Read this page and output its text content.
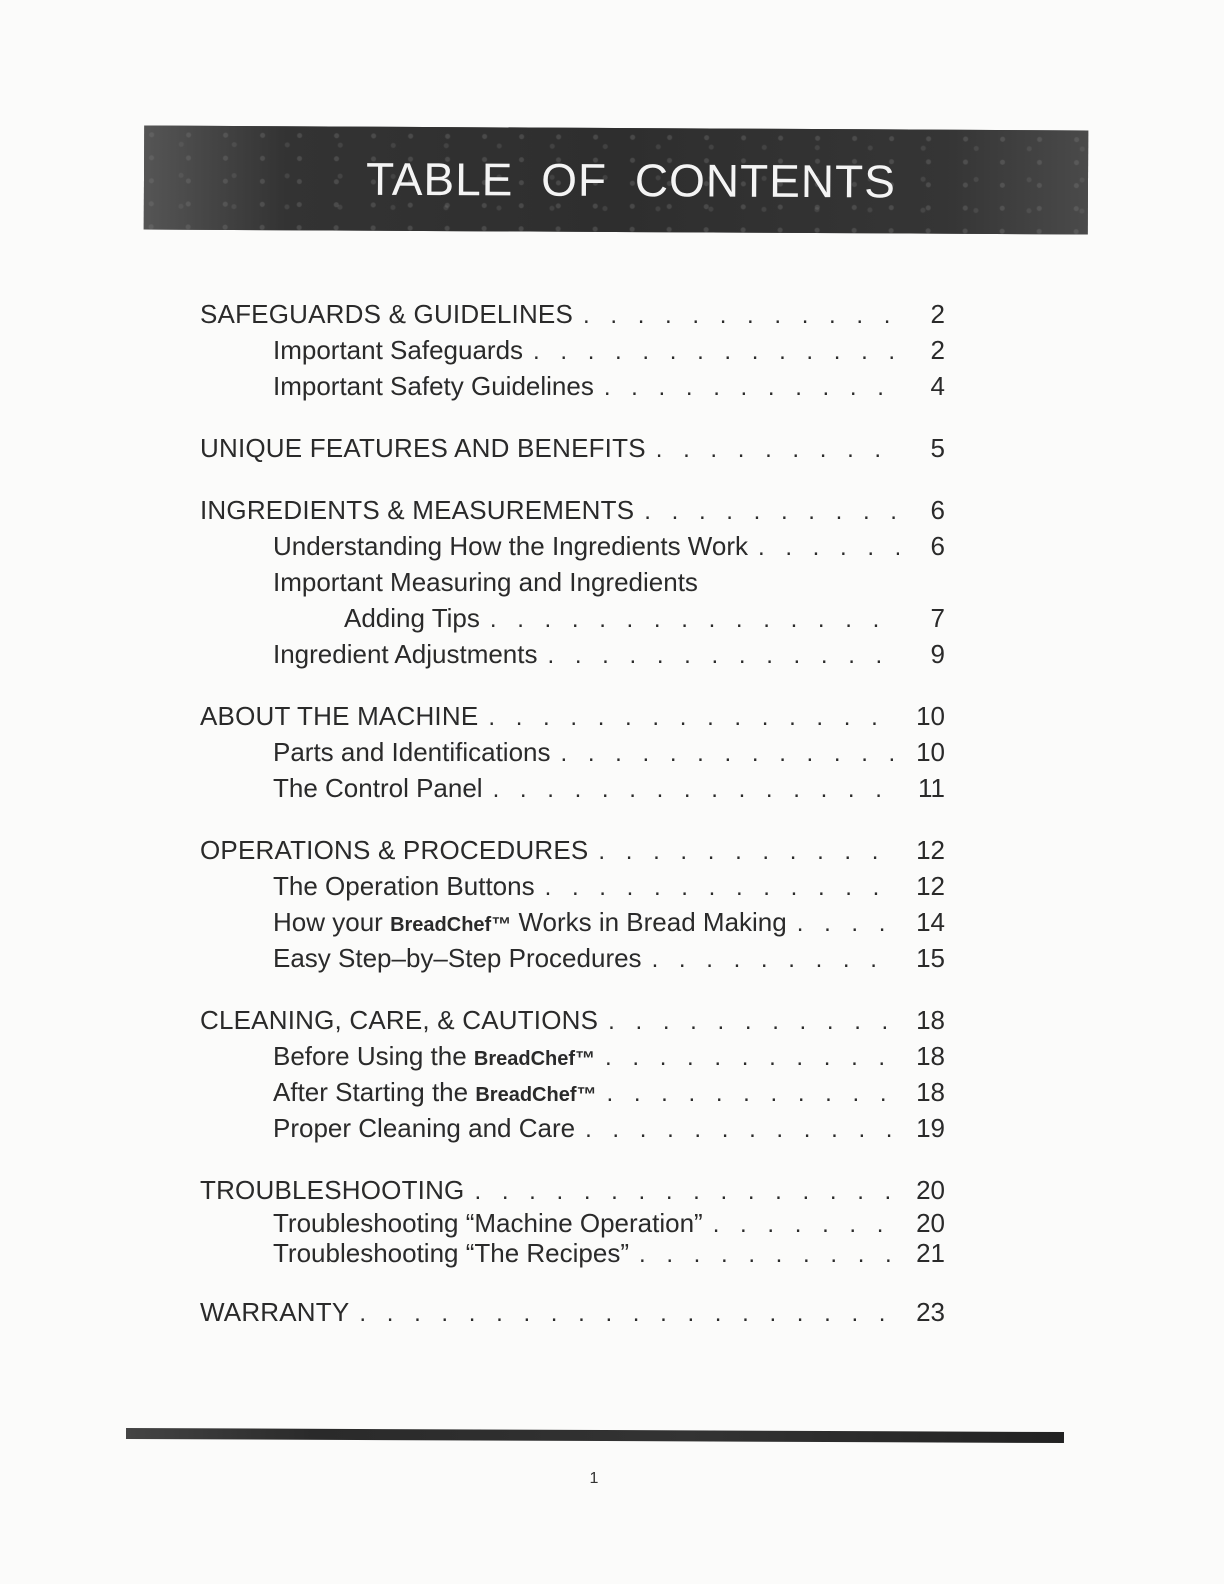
TABLE OF CONTENTS
SAFEGUARDS & GUIDELINES . . .	2
Important Safeguards . . .	2
Important Safety Guidelines . . .	4
UNIQUE FEATURES AND BENEFITS . . .	5
INGREDIENTS & MEASUREMENTS . . .	6
Understanding How the Ingredients Work . . .	6
Important Measuring and Ingredients
Adding Tips . . .	7
Ingredient Adjustments . . .	9
ABOUT THE MACHINE . . .	10
Parts and Identifications . . .	10
The Control Panel . . .	11
OPERATIONS & PROCEDURES . . .	12
The Operation Buttons . . .	12
How your BreadChef™ Works in Bread Making . . .	14
Easy Step–by–Step Procedures . . .	15
CLEANING, CARE, & CAUTIONS . . .	18
Before Using the BreadChef™ . . .	18
After Starting the BreadChef™ . . .	18
Proper Cleaning and Care . . .	19
TROUBLESHOOTING . . .	20
Troubleshooting “Machine Operation” . . .	20
Troubleshooting “The Recipes” . . .	21
WARRANTY . . .	23
1
